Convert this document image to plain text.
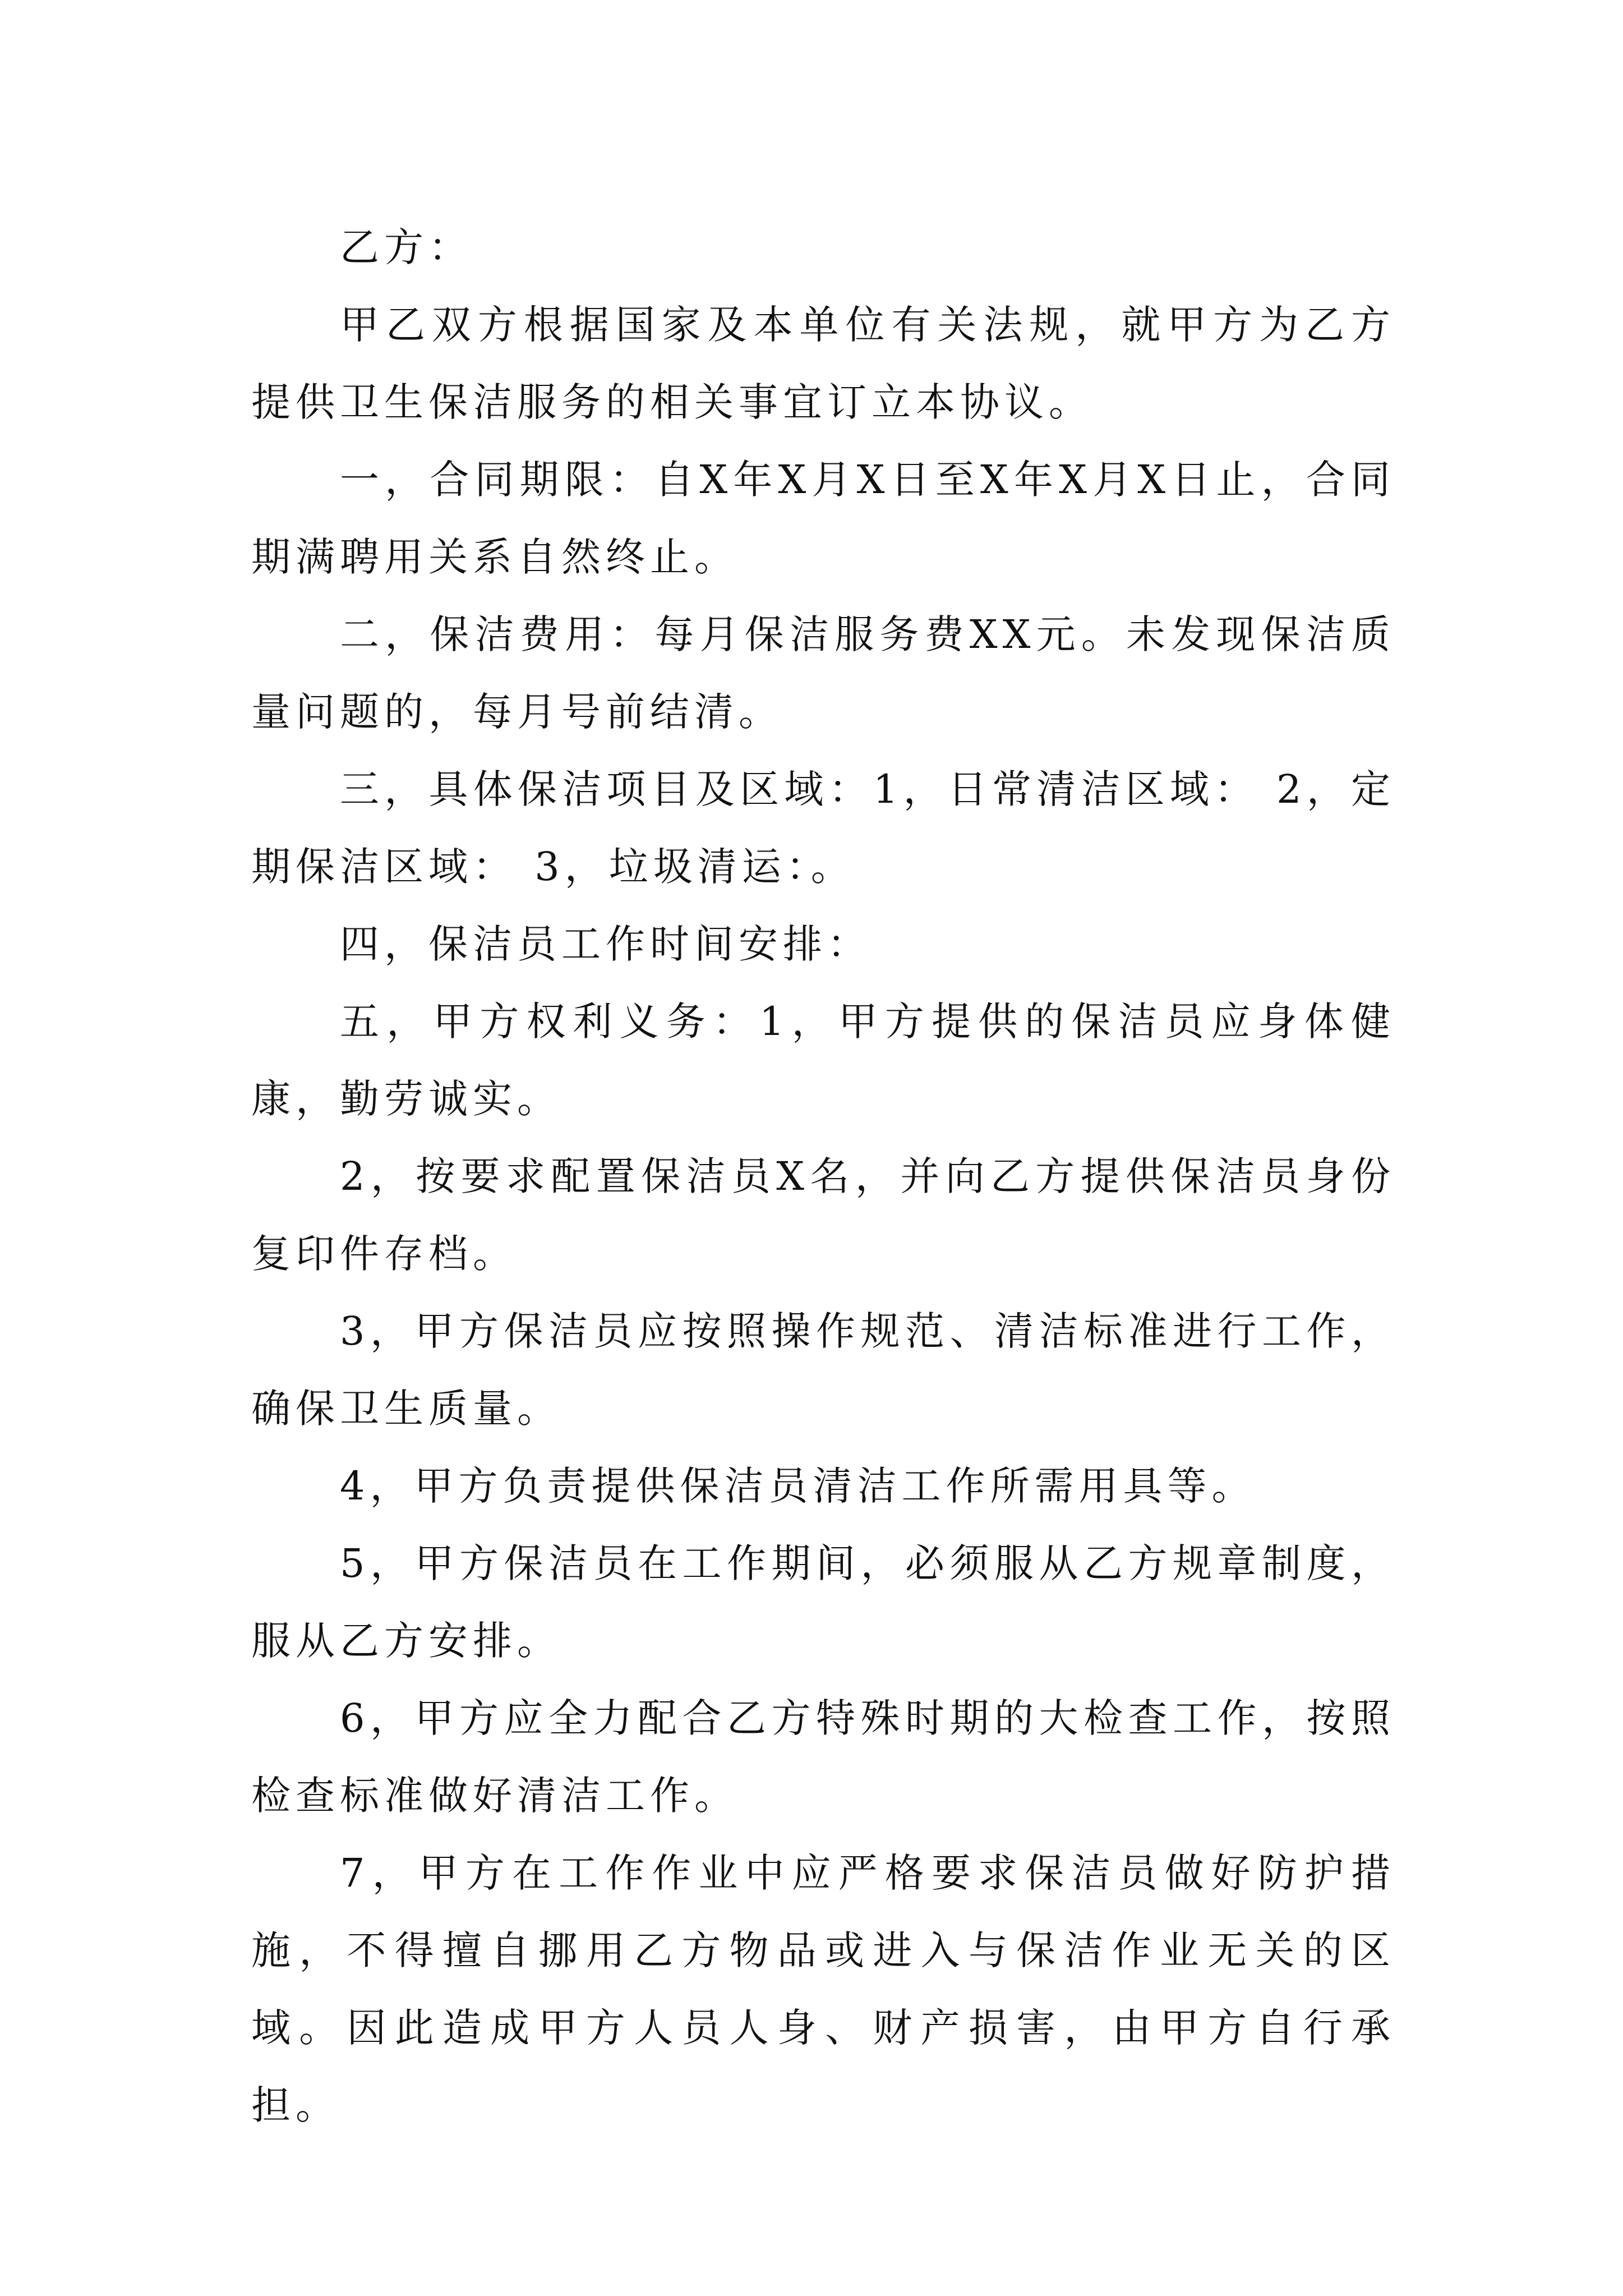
乙方：

甲乙双方根据国家及本单位有关法规，就甲方为乙方提供卫生保洁服务的相关事宜订立本协议。

一，合同期限：自X年X月X日至X年X月X日止，合同期满聘用关系自然终止。

二，保洁费用：每月保洁服务费XX元。未发现保洁质量问题的，每月号前结清。

三，具体保洁项目及区域：1，日常清洁区域： 2，定期保洁区域： 3，垃圾清运：。

四，保洁员工作时间安排：

五，甲方权利义务：1，甲方提供的保洁员应身体健康，勤劳诚实。

2，按要求配置保洁员X名，并向乙方提供保洁员身份复印件存档。

3，甲方保洁员应按照操作规范、清洁标准进行工作，确保卫生质量。

4，甲方负责提供保洁员清洁工作所需用具等。

5，甲方保洁员在工作期间，必须服从乙方规章制度，服从乙方安排。

6，甲方应全力配合乙方特殊时期的大检查工作，按照检查标准做好清洁工作。

7，甲方在工作作业中应严格要求保洁员做好防护措施，不得擅自挪用乙方物品或进入与保洁作业无关的区域。因此造成甲方人员人身、财产损害，由甲方自行承担。
